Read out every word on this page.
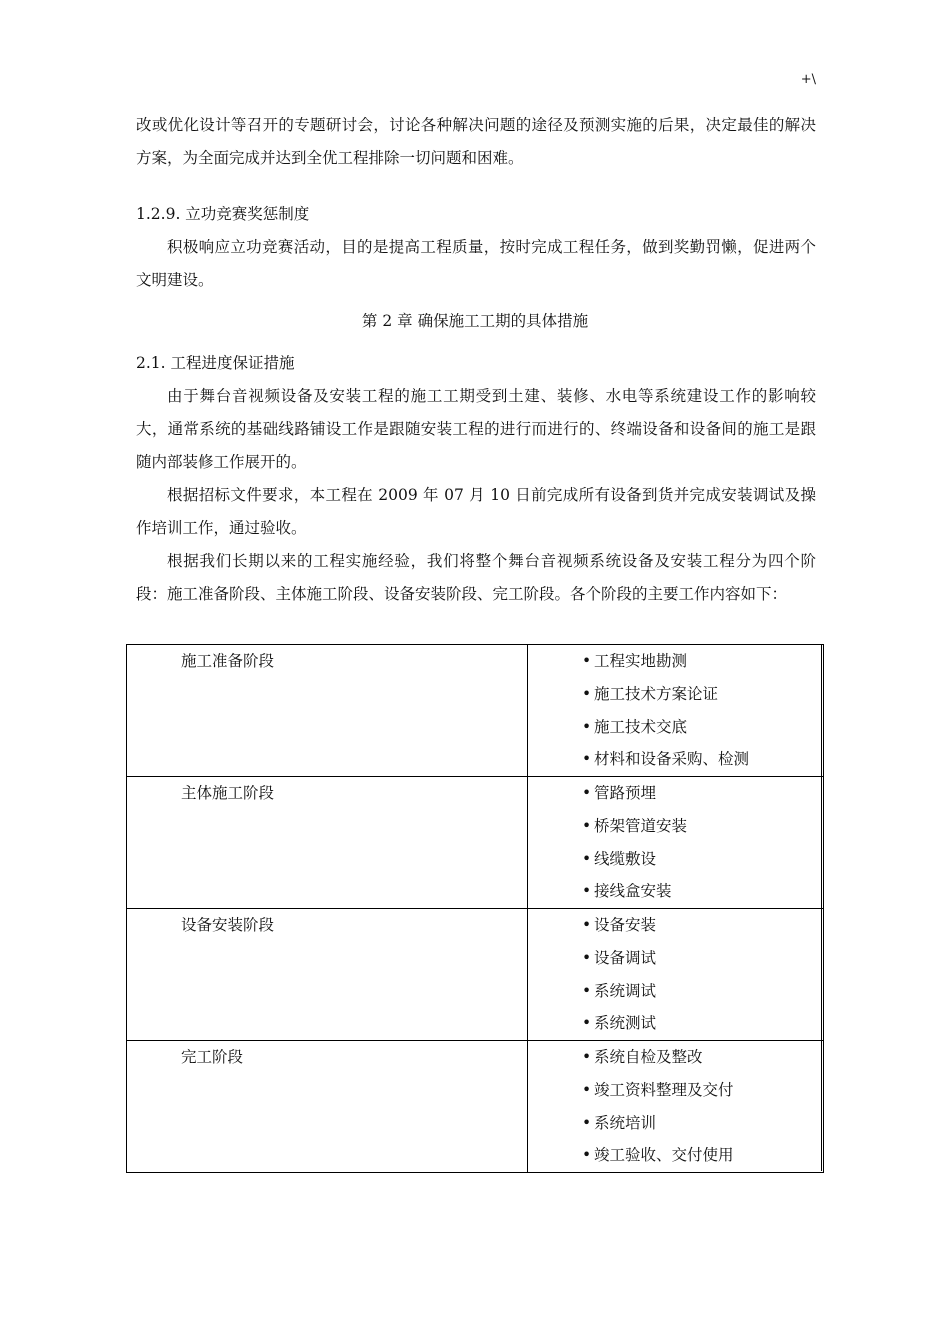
+\

改或优化设计等召开的专题研讨会，讨论各种解决问题的途径及预测实施的后果，决定最佳的解决方案，为全面完成并达到全优工程排除一切问题和困难。

1.2.9. 立功竞赛奖惩制度

积极响应立功竞赛活动，目的是提高工程质量，按时完成工程任务，做到奖勤罚懒，促进两个文明建设。

第 2 章 确保施工工期的具体措施

2.1. 工程进度保证措施

由于舞台音视频设备及安装工程的施工工期受到土建、装修、水电等系统建设工作的影响较大，通常系统的基础线路铺设工作是跟随安装工程的进行而进行的、终端设备和设备间的施工是跟随内部装修工作展开的。

根据招标文件要求，本工程在 2009 年 07 月 10 日前完成所有设备到货并完成安装调试及操作培训工作，通过验收。

根据我们长期以来的工程实施经验，我们将整个舞台音视频系统设备及安装工程分为四个阶段：施工准备阶段、主体施工阶段、设备安装阶段、完工阶段。各个阶段的主要工作内容如下：

施工准备阶段	• 工程实地勘测
• 施工技术方案论证
• 施工技术交底
• 材料和设备采购、检测

主体施工阶段	• 管路预埋
• 桥架管道安装
• 线缆敷设
• 接线盒安装

设备安装阶段	• 设备安装
• 设备调试
• 系统调试
• 系统测试

完工阶段	• 系统自检及整改
• 竣工资料整理及交付
• 系统培训
• 竣工验收、交付使用
